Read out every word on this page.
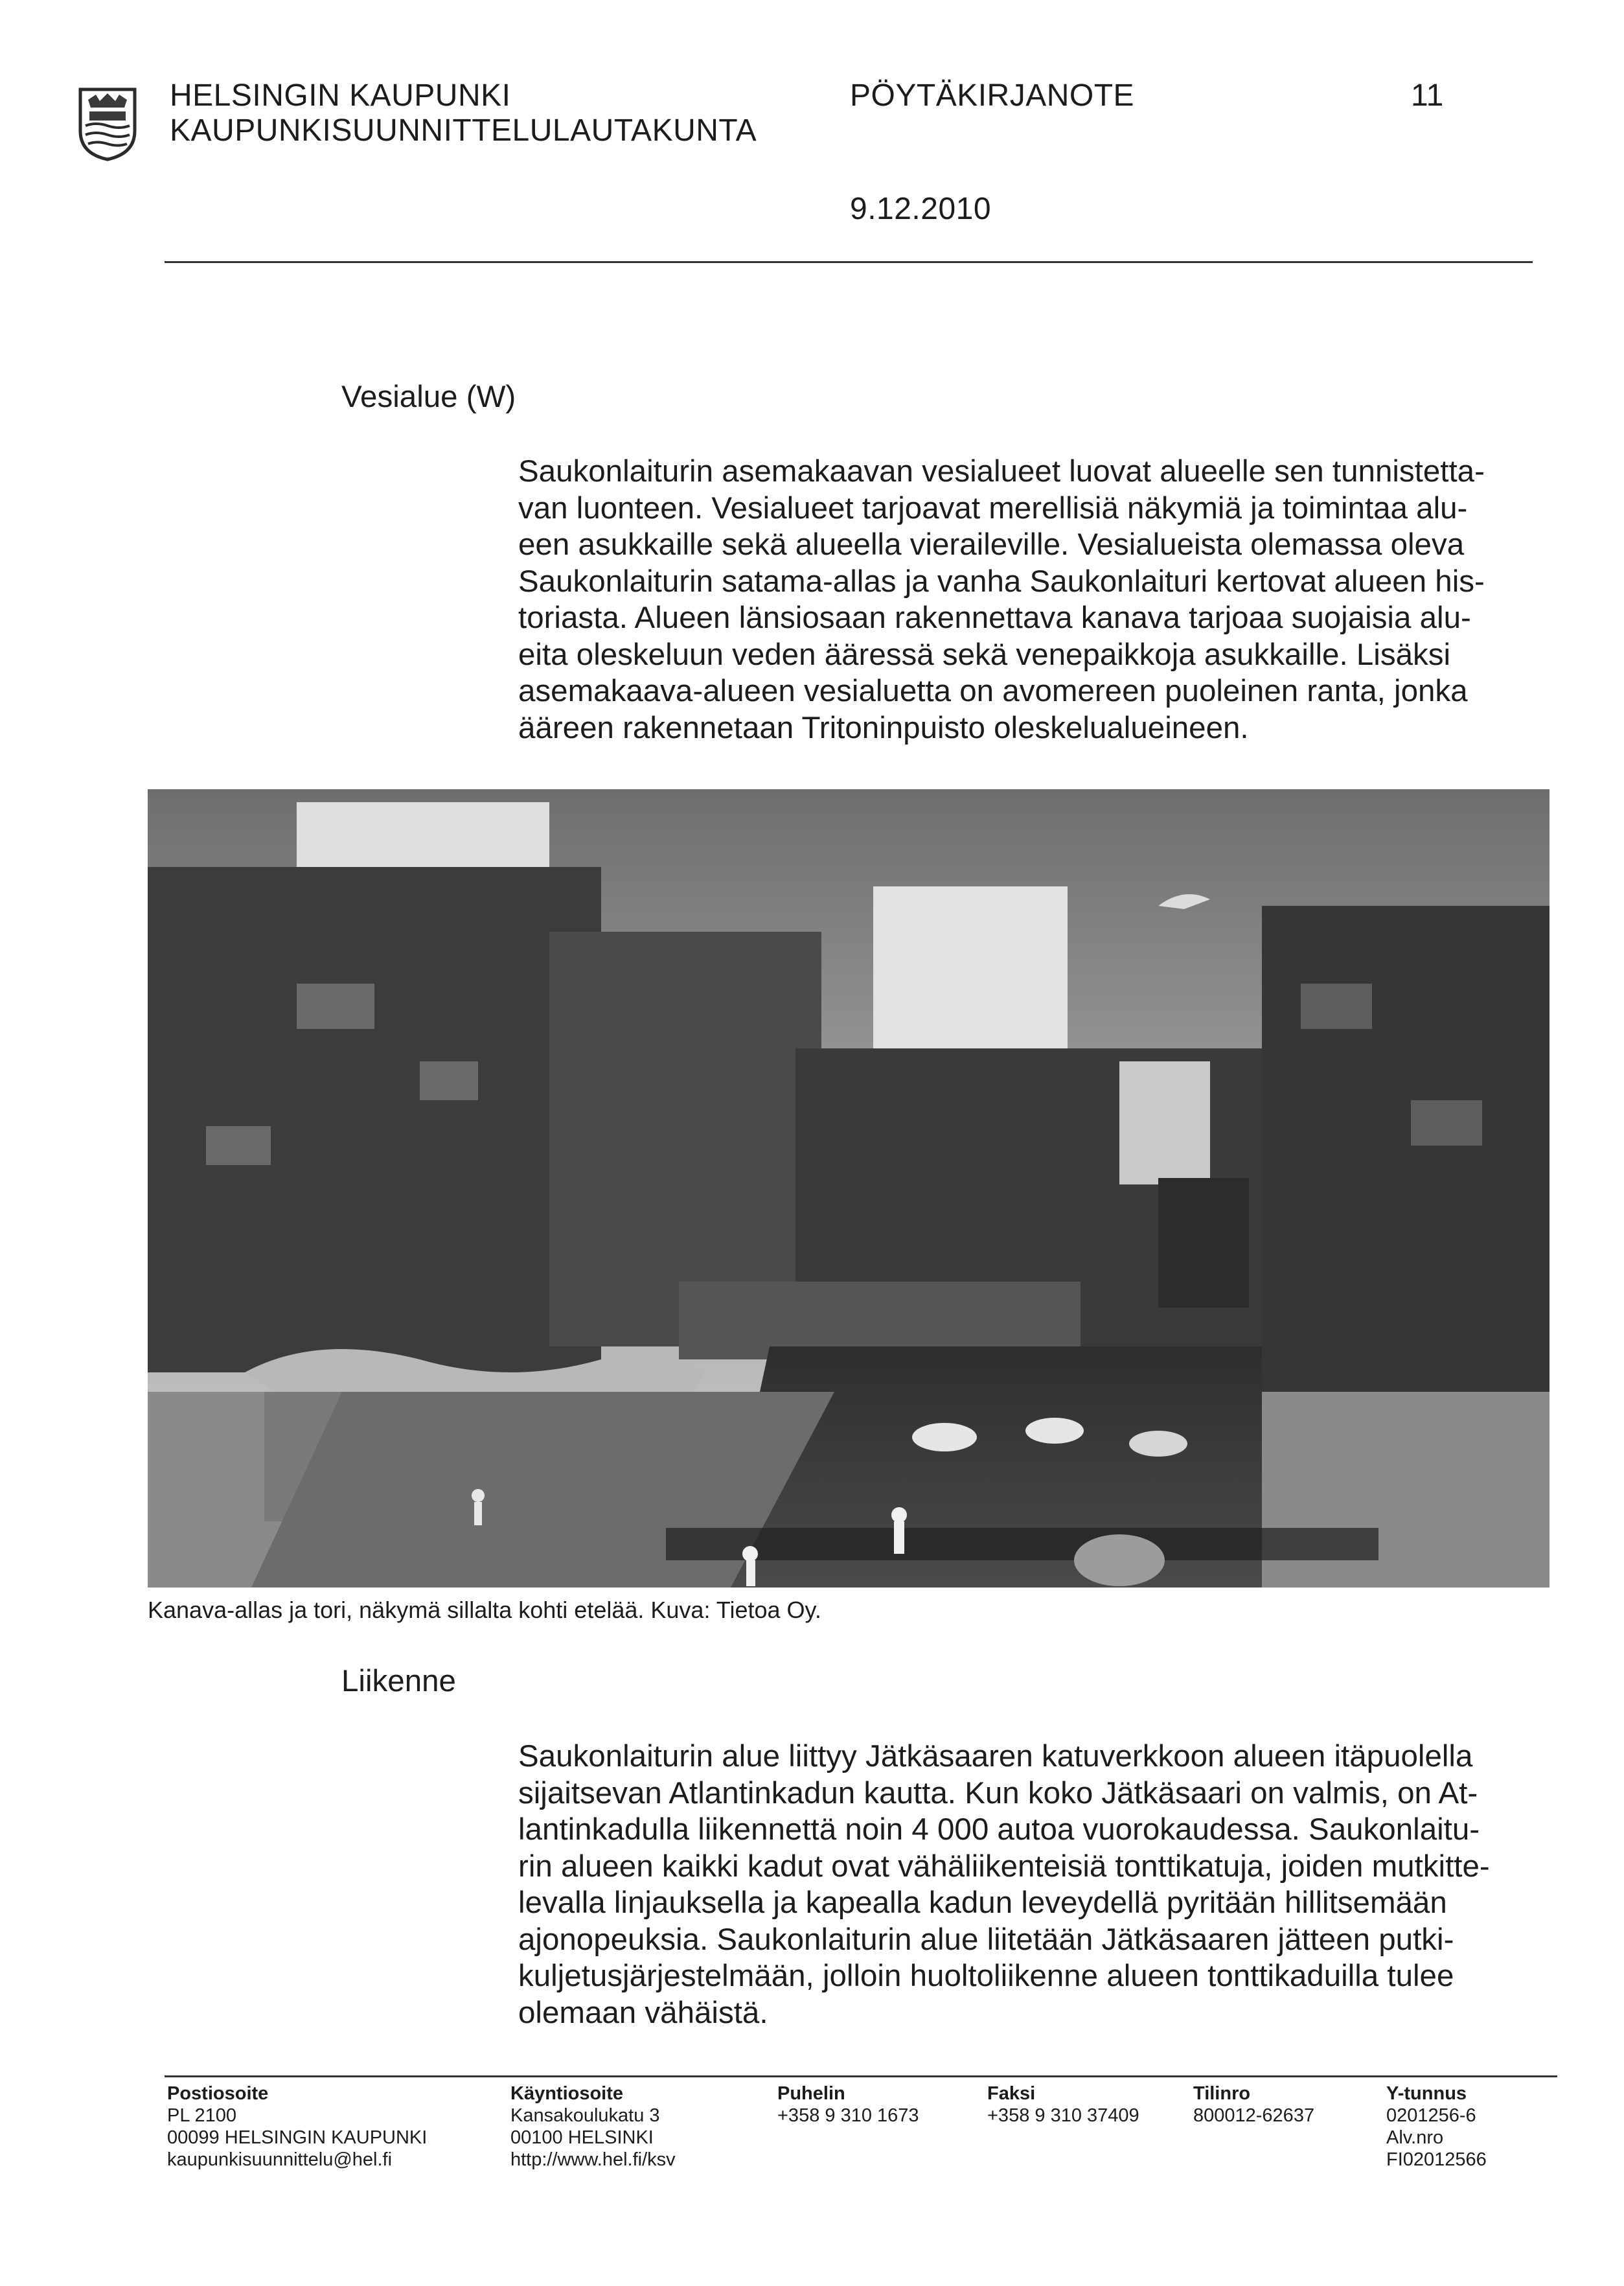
HELSINGIN KAUPUNKI
KAUPUNKISUUNNITTELULAUTAKUNTA
PÖYTÄKIRJANOTE	11
9.12.2010
Vesialue (W)

Saukonlaiturin asemakaavan vesialueet luovat alueelle sen tunnistetta-

van luonteen. Vesialueet tarjoavat merellisiä näkymiä ja toimintaa alu-

een asukkaille sekä alueella vieraileville. Vesialueista olemassa oleva

Saukonlaiturin satama-allas ja vanha Saukonlaituri kertovat alueen his-

toriasta. Alueen länsiosaan rakennettava kanava tarjoaa suojaisia alu-

eita oleskeluun veden ääressä sekä venepaikkoja asukkaille. Lisäksi

asemakaava-alueen vesialuetta on avomereen puoleinen ranta, jonka

ääreen rakennetaan Tritoninpuisto oleskelualueineen.

Kanava-allas ja tori, näkymä sillalta kohti etelää. Kuva: Tietoa Oy.
Liikenne

Saukonlaiturin alue liittyy Jätkäsaaren katuverkkoon alueen itäpuolella

sijaitsevan Atlantinkadun kautta. Kun koko Jätkäsaari on valmis, on At-

lantinkadulla liikennettä noin 4 000 autoa vuorokaudessa. Saukonlaitu-

rin alueen kaikki kadut ovat vähäliikenteisiä tonttikatuja, joiden mutkitte-

levalla linjauksella ja kapealla kadun leveydellä pyritään hillitsemään

ajonopeuksia. Saukonlaiturin alue liitetään Jätkäsaaren jätteen putki-

kuljetusjärjestelmään, jolloin huoltoliikenne alueen tonttikaduilla tulee

olemaan vähäistä.

Postiosoite
PL 2100
00099 HELSINGIN KAUPUNKI
kaupunkisuunnittelu@hel.fi
Käyntiosoite
Kansakoulukatu 3
00100 HELSINKI
http://www.hel.fi/ksv
Puhelin
+358 9 310 1673
Faksi
+358 9 310 37409
Tilinro
800012-62637
Y-tunnus
0201256-6
Alv.nro
FI02012566
